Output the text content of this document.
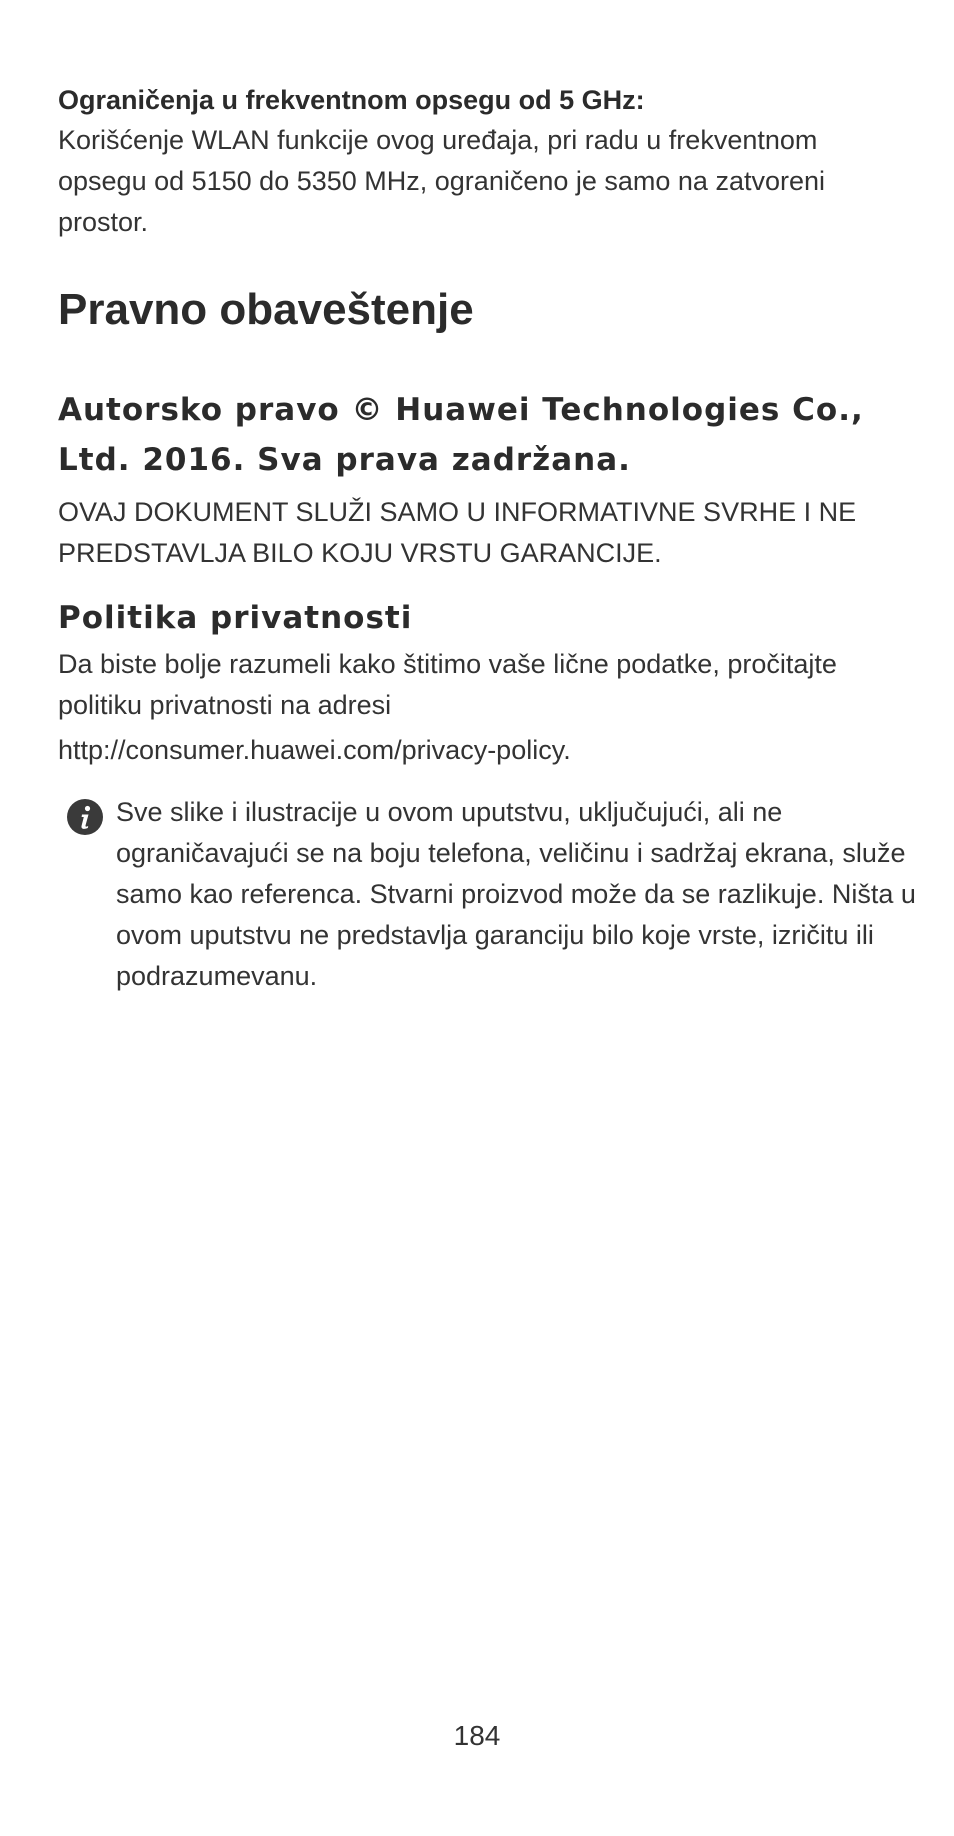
Ograničenja u frekventnom opsegu od 5 GHz:
Korišćenje WLAN funkcije ovog uređaja, pri radu u frekventnom opsegu od 5150 do 5350 MHz, ograničeno je samo na zatvoreni prostor.
Pravno obaveštenje
Autorsko pravo © Huawei Technologies Co., Ltd. 2016. Sva prava zadržana.
OVAJ DOKUMENT SLUŽI SAMO U INFORMATIVNE SVRHE I NE PREDSTAVLJA BILO KOJU VRSTU GARANCIJE.
Politika privatnosti
Da biste bolje razumeli kako štitimo vaše lične podatke, pročitajte politiku privatnosti na adresi
http://consumer.huawei.com/privacy-policy.
Sve slike i ilustracije u ovom uputstvu, uključujući, ali ne ograničavajući se na boju telefona, veličinu i sadržaj ekrana, služe samo kao referenca. Stvarni proizvod može da se razlikuje. Ništa u ovom uputstvu ne predstavlja garanciju bilo koje vrste, izričitu ili podrazumevanu.
184
